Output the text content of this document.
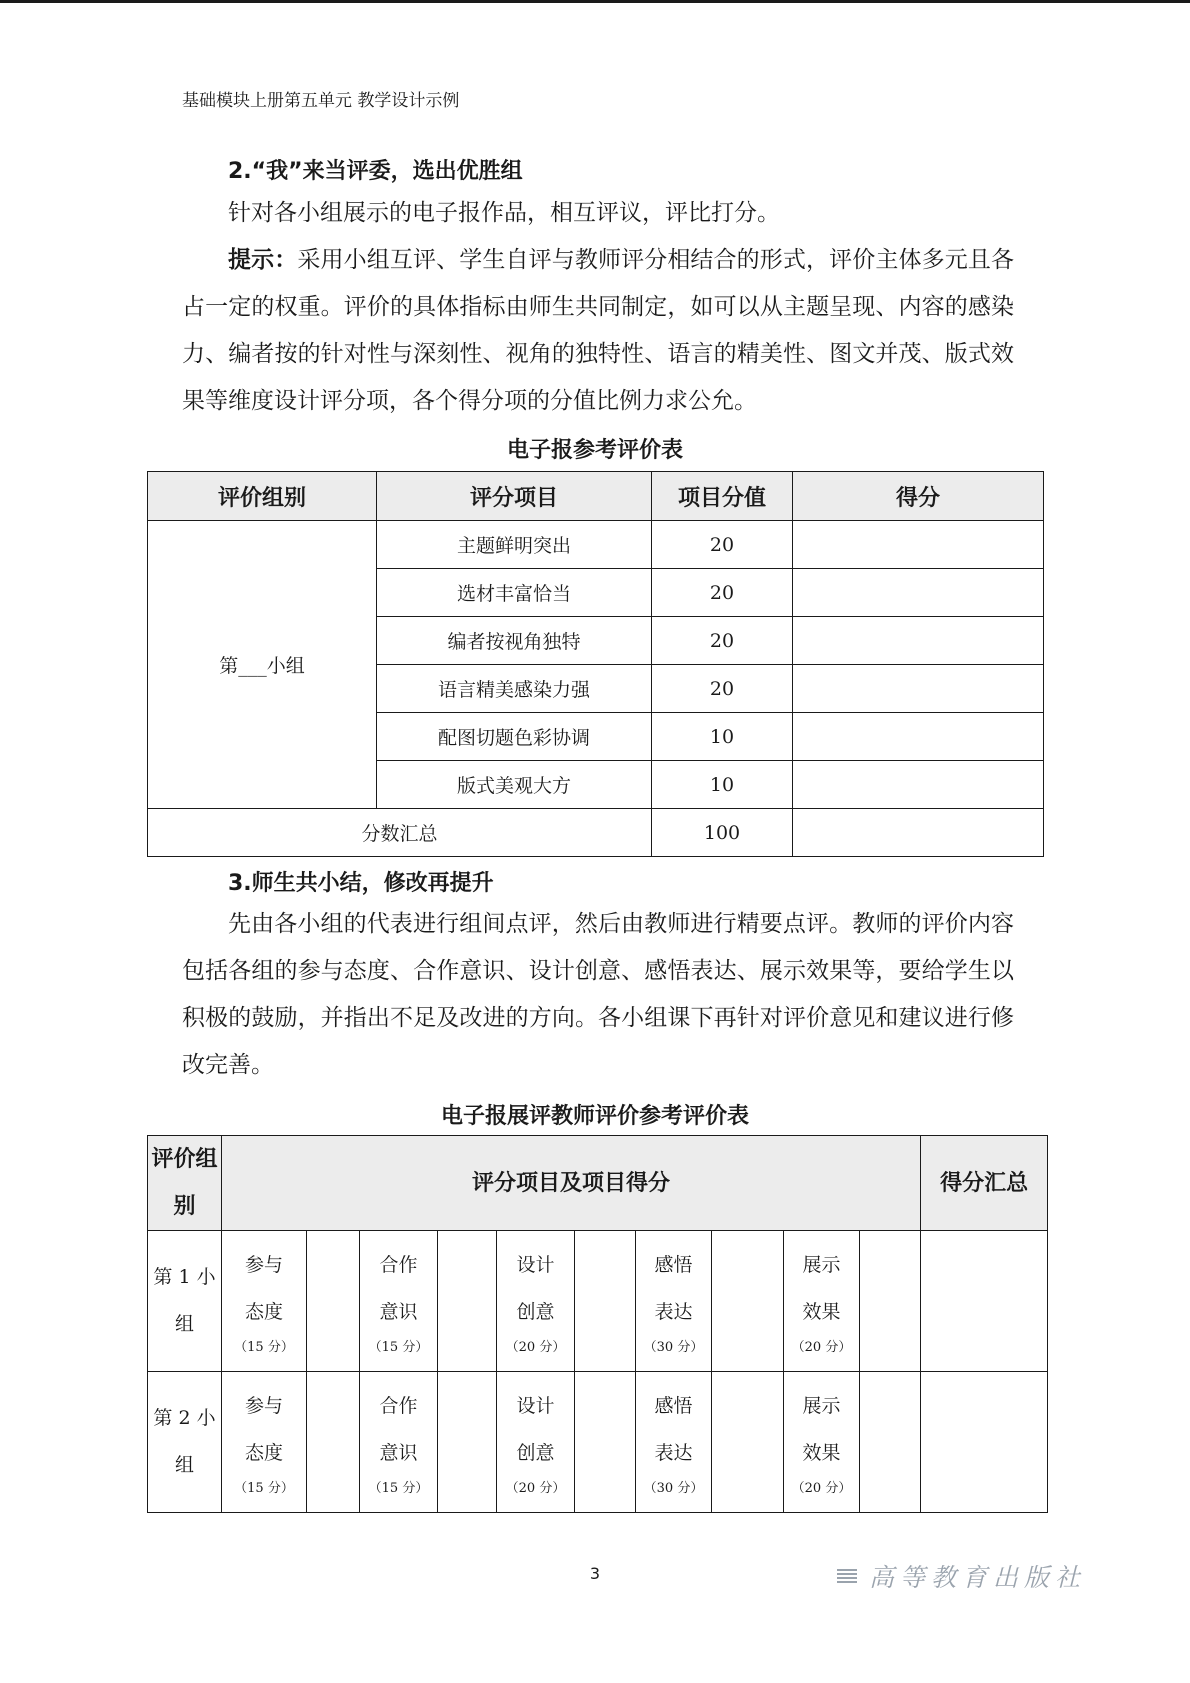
基础模块上册第五单元 教学设计示例
2.“我”来当评委，选出优胜组

针对各小组展示的电子报作品，相互评议，评比打分。

提示：采用小组互评、学生自评与教师评分相结合的形式，评价主体多元且各占一定的权重。评价的具体指标由师生共同制定，如可以从主题呈现、内容的感染力、编者按的针对性与深刻性、视角的独特性、语言的精美性、图文并茂、版式效果等维度设计评分项，各个得分项的分值比例力求公允。

电子报参考评价表
评价组别	评分项目	项目分值	得分
第___小组	主题鲜明突出	20	
	选材丰富恰当	20	
	编者按视角独特	20	
	语言精美感染力强	20	
	配图切题色彩协调	10	
	版式美观大方	10	
分数汇总		100	
3.师生共小结，修改再提升

先由各小组的代表进行组间点评，然后由教师进行精要点评。教师的评价内容包括各组的参与态度、合作意识、设计创意、感悟表达、展示效果等，要给学生以积极的鼓励，并指出不足及改进的方向。各小组课下再针对评价意见和建议进行修改完善。

电子报展评教师评价参考评价表
评价组别	评分项目及项目得分										得分汇总
第 1 小组	参与
态度
（15 分）		合作
意识
（15 分）		设计
创意
（20 分）		感悟
表达
（30 分）		展示
效果
（20 分）		

第 2 小组	参与
态度
（15 分）		合作
意识
（15 分）		设计
创意
（20 分）		感悟
表达
（30 分）		展示
效果
（20 分）		

3	高等教育出版社
